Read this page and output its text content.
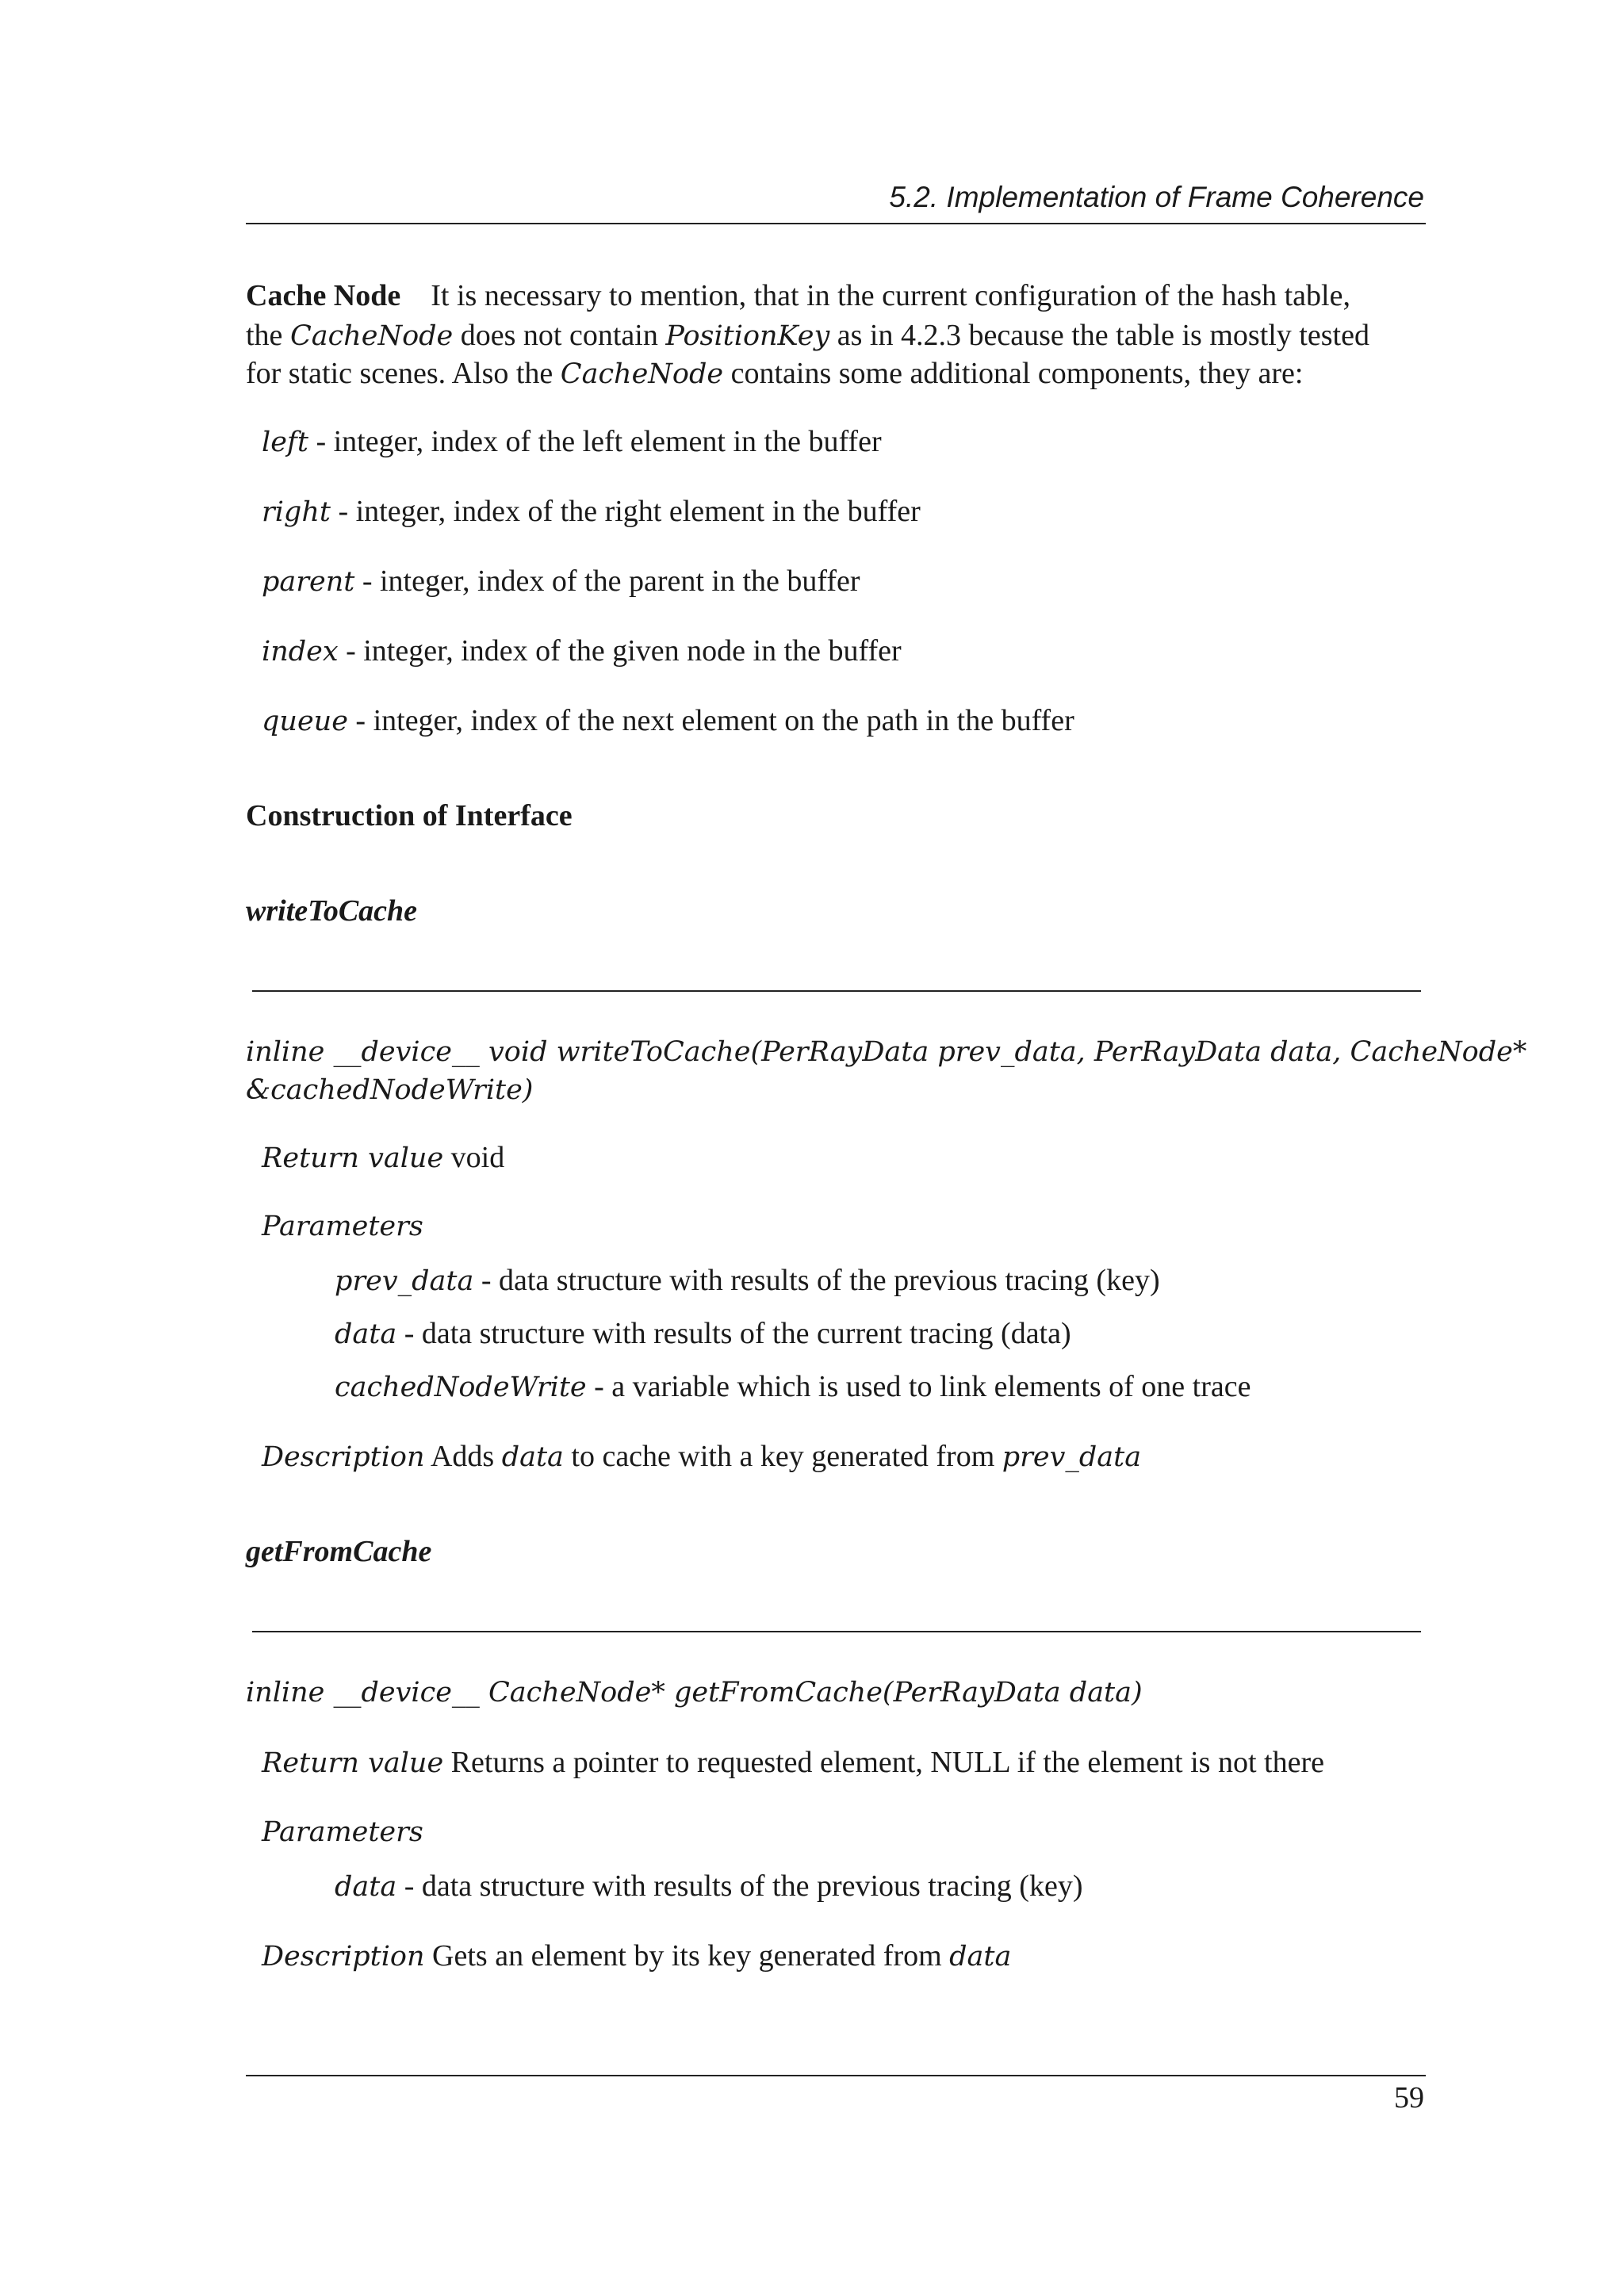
5.2. Implementation of Frame Coherence
Cache Node It is necessary to mention, that in the current configuration of the hash table,
the CacheNode does not contain PositionKey as in 4.2.3 because the table is mostly tested
for static scenes. Also the CacheNode contains some additional components, they are:
left - integer, index of the left element in the buffer
right - integer, index of the right element in the buffer
parent - integer, index of the parent in the buffer
index - integer, index of the given node in the buffer
queue - integer, index of the next element on the path in the buffer
Construction of Interface
writeToCache
inline __device__ void writeToCache(PerRayData prev_data, PerRayData data, CacheNode*
&cachedNodeWrite)
Return value void
Parameters
prev_data - data structure with results of the previous tracing (key)
data - data structure with results of the current tracing (data)
cachedNodeWrite - a variable which is used to link elements of one trace
Description Adds data to cache with a key generated from prev_data
getFromCache
inline __device__ CacheNode* getFromCache(PerRayData data)
Return value Returns a pointer to requested element, NULL if the element is not there
Parameters
data - data structure with results of the previous tracing (key)
Description Gets an element by its key generated from data
59
